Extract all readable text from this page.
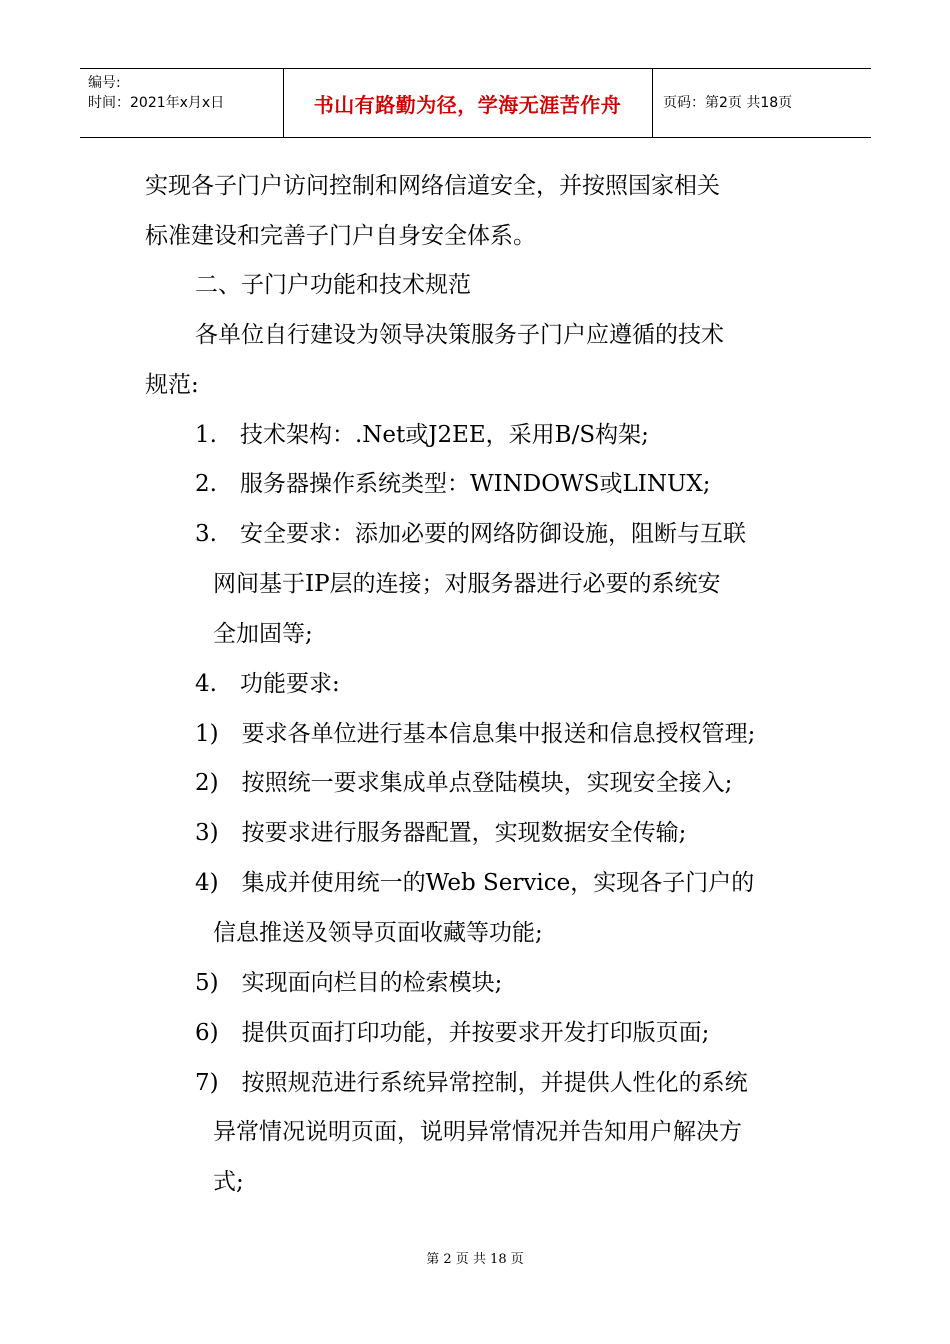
编号:
时间：2021年x月x日	书山有路勤为径，学海无涯苦作舟	页码：第2页 共18页
实现各子门户访问控制和网络信道安全，并按照国家相关
标准建设和完善子门户自身安全体系。
二、子门户功能和技术规范
各单位自行建设为领导决策服务子门户应遵循的技术
规范:
1.　技术架构：.Net或J2EE，采用B/S构架;
2.　服务器操作系统类型：WINDOWS或LINUX;
3.　安全要求：添加必要的网络防御设施，阻断与互联
网间基于IP层的连接；对服务器进行必要的系统安
全加固等;
4.　功能要求:
1)　要求各单位进行基本信息集中报送和信息授权管理;
2)　按照统一要求集成单点登陆模块，实现安全接入;
3)　按要求进行服务器配置，实现数据安全传输;
4)　集成并使用统一的Web Service，实现各子门户的
信息推送及领导页面收藏等功能;
5)　实现面向栏目的检索模块;
6)　提供页面打印功能，并按要求开发打印版页面;
7)　按照规范进行系统异常控制，并提供人性化的系统
异常情况说明页面，说明异常情况并告知用户解决方
式;
第 2 页 共 18 页
